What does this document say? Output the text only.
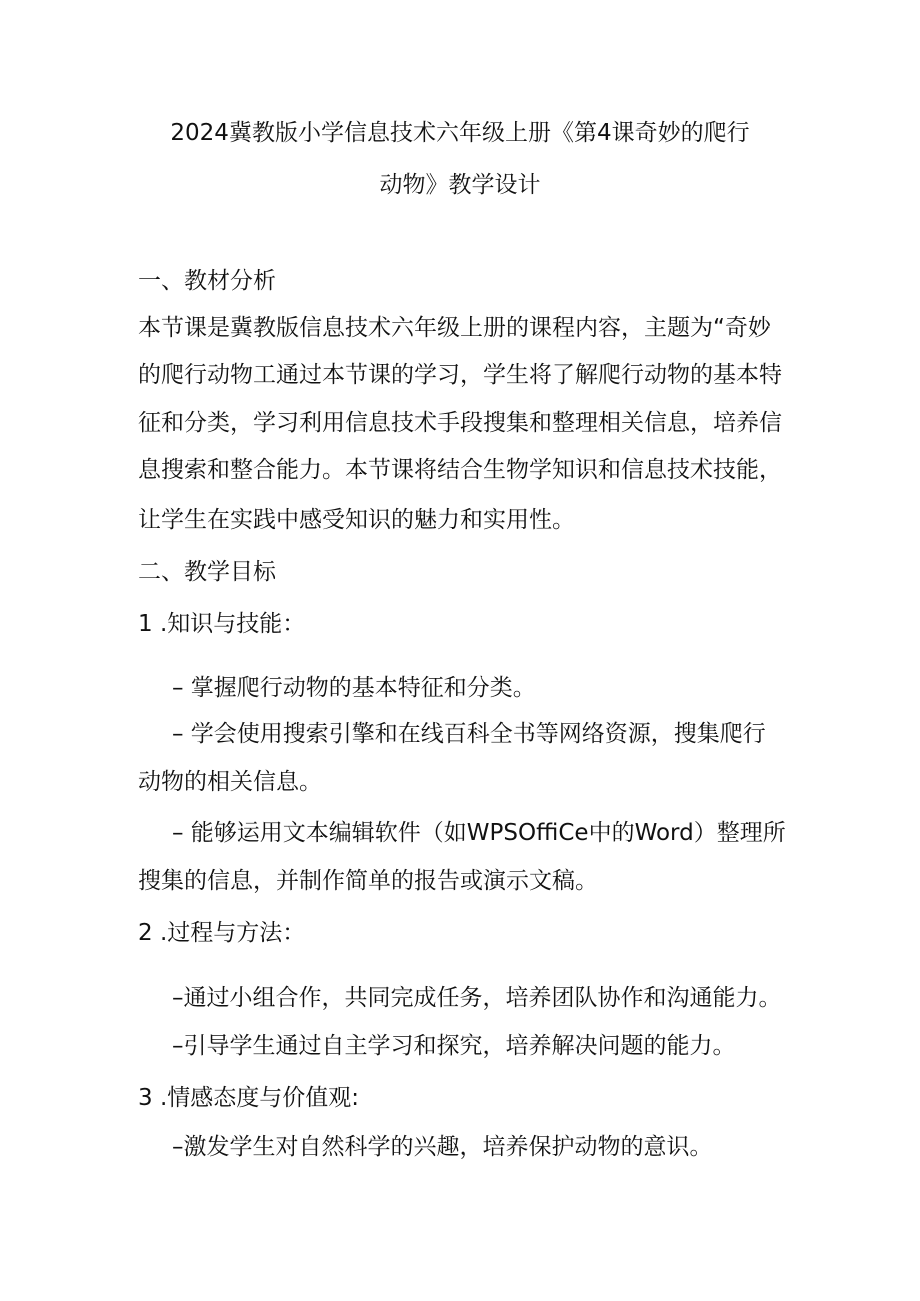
2024冀教版小学信息技术六年级上册《第4课奇妙的爬行
动物》教学设计
一、教材分析
本节课是冀教版信息技术六年级上册的课程内容，主题为“奇妙
的爬行动物工通过本节课的学习，学生将了解爬行动物的基本特
征和分类，学习利用信息技术手段搜集和整理相关信息，培养信
息搜索和整合能力。本节课将结合生物学知识和信息技术技能，
让学生在实践中感受知识的魅力和实用性。
二、教学目标
1 .知识与技能：
– 掌握爬行动物的基本特征和分类。
– 学会使用搜索引擎和在线百科全书等网络资源，搜集爬行
动物的相关信息。
– 能够运用文本编辑软件（如WPSOffiCe中的Word）整理所
搜集的信息，并制作简单的报告或演示文稿。
2 .过程与方法：
–通过小组合作，共同完成任务，培养团队协作和沟通能力。
–引导学生通过自主学习和探究，培养解决问题的能力。
3 .情感态度与价值观:
–激发学生对自然科学的兴趣，培养保护动物的意识。
